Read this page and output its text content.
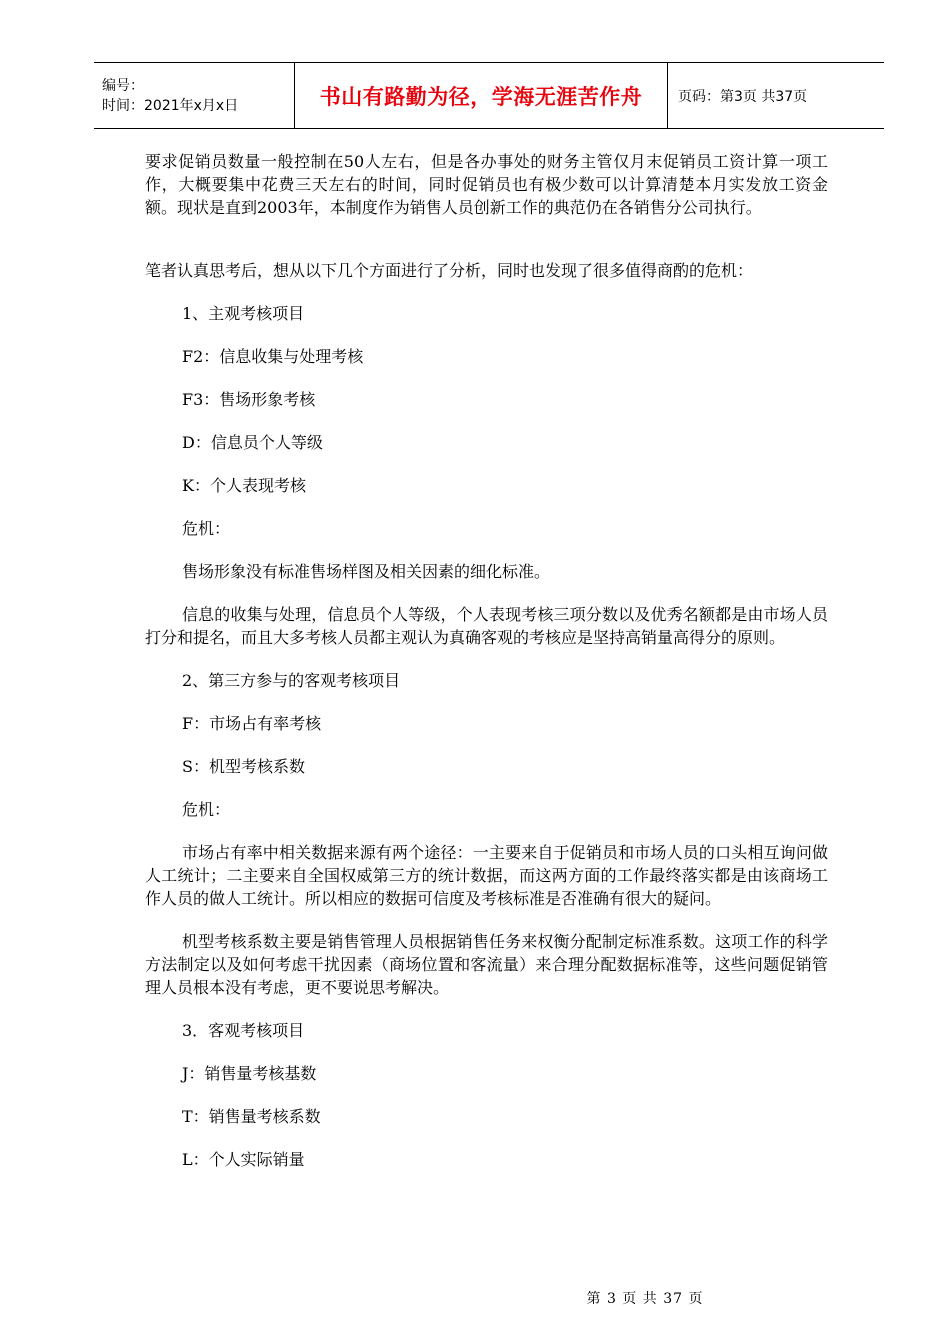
编号：
时间：2021年x月x日	书山有路勤为径，学海无涯苦作舟	页码：第3页 共37页

要求促销员数量一般控制在50人左右，但是各办事处的财务主管仅月末促销员工资计算一项工作，大概要集中花费三天左右的时间，同时促销员也有极少数可以计算清楚本月实发放工资金额。现状是直到2003年，本制度作为销售人员创新工作的典范仍在各销售分公司执行。

笔者认真思考后，想从以下几个方面进行了分析，同时也发现了很多值得商酌的危机：

1、主观考核项目

F2：信息收集与处理考核

F3：售场形象考核

D：信息员个人等级

K：个人表现考核

危机：

售场形象没有标准售场样图及相关因素的细化标准。

信息的收集与处理，信息员个人等级，个人表现考核三项分数以及优秀名额都是由市场人员打分和提名，而且大多考核人员都主观认为真确客观的考核应是坚持高销量高得分的原则。

2、第三方参与的客观考核项目

F：市场占有率考核

S：机型考核系数

危机：

市场占有率中相关数据来源有两个途径：一主要来自于促销员和市场人员的口头相互询问做人工统计；二主要来自全国权威第三方的统计数据，而这两方面的工作最终落实都是由该商场工作人员的做人工统计。所以相应的数据可信度及考核标准是否准确有很大的疑问。

机型考核系数主要是销售管理人员根据销售任务来权衡分配制定标准系数。这项工作的科学方法制定以及如何考虑干扰因素（商场位置和客流量）来合理分配数据标准等，这些问题促销管理人员根本没有考虑，更不要说思考解决。

3．客观考核项目

J：销售量考核基数

T：销售量考核系数

L：个人实际销量

第 3 页 共 37 页
